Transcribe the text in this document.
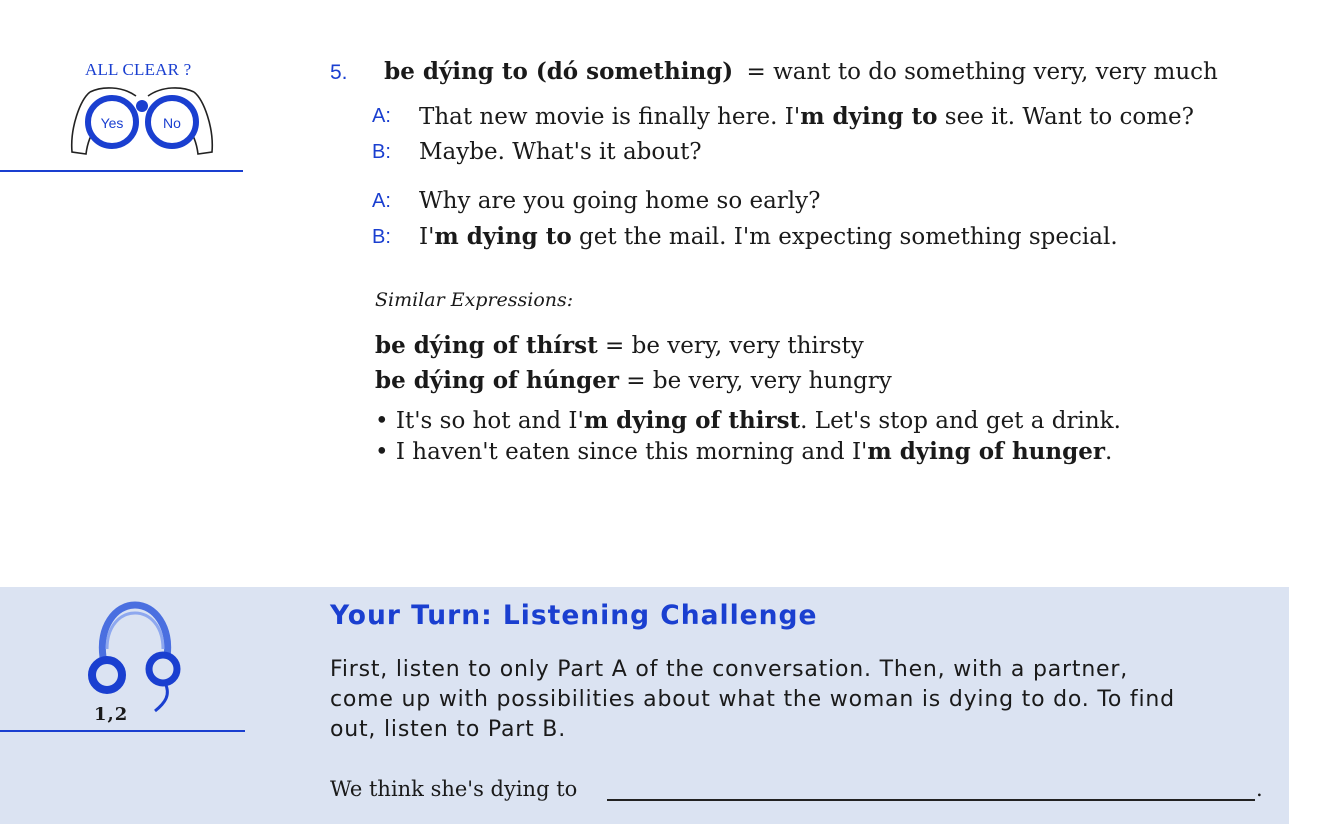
ALL CLEAR ?
Yes	No
5. be dýing to (dó something) = want to do something very, very much
A: That new movie is finally here. I'm dying to see it. Want to come?
B: Maybe. What's it about?
A: Why are you going home so early?
B: I'm dying to get the mail. I'm expecting something special.
Similar Expressions:
be dýing of thírst = be very, very thirsty
be dýing of húnger = be very, very hungry
• It's so hot and I'm dying of thirst. Let's stop and get a drink.
• I haven't eaten since this morning and I'm dying of hunger.
1,2
Your Turn: Listening Challenge
First, listen to only Part A of the conversation. Then, with a partner,
come up with possibilities about what the woman is dying to do. To find
out, listen to Part B.
We think she's dying to	.
